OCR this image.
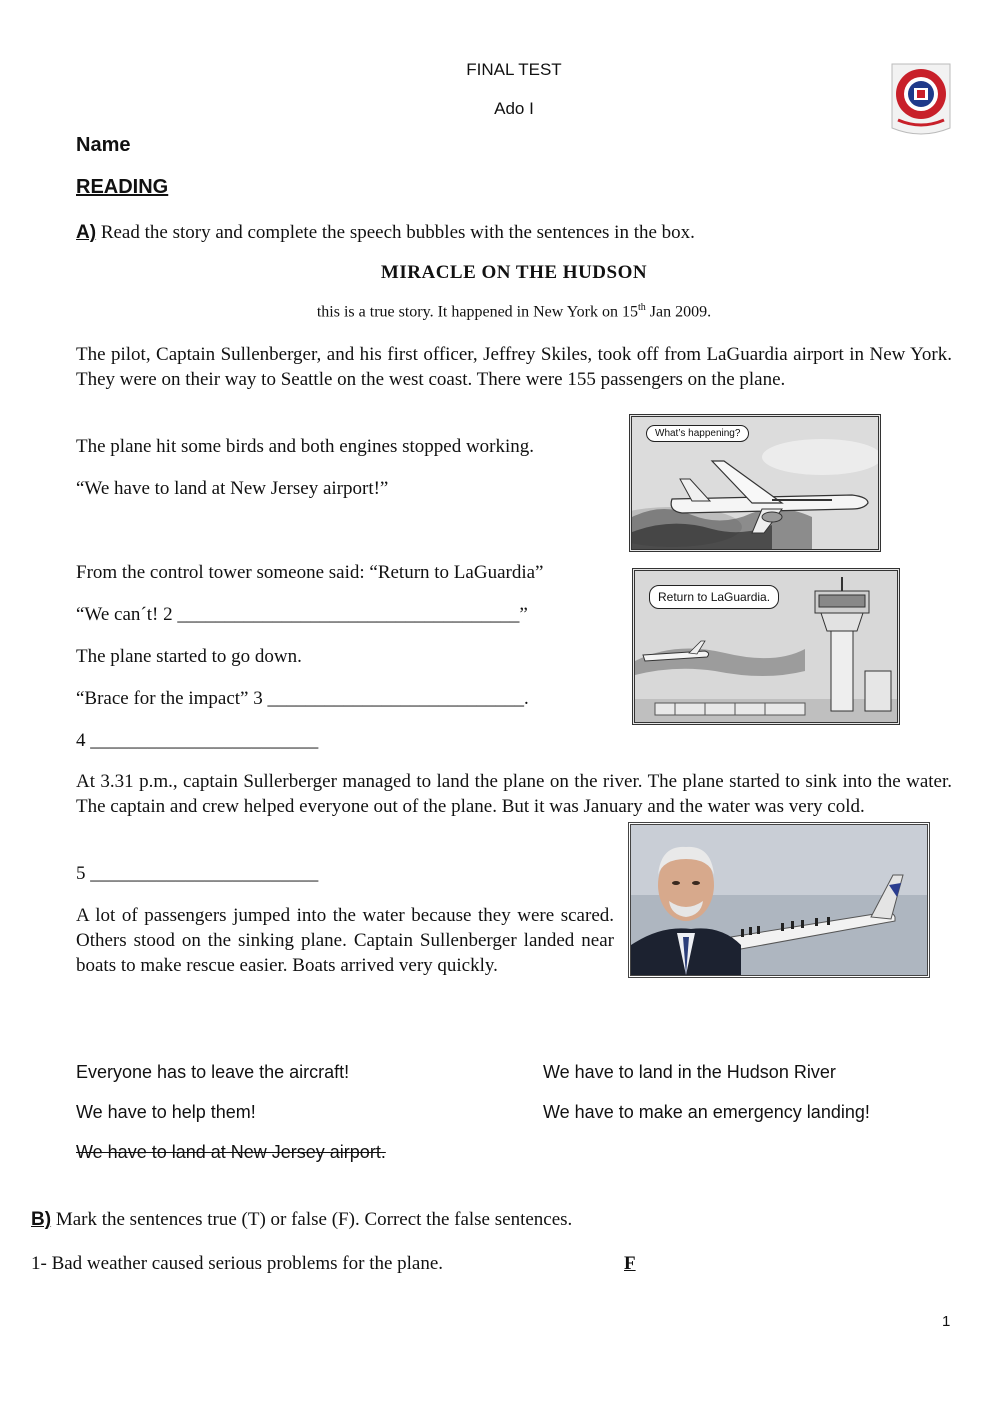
FINAL TEST
Ado I
Name
READING
A) Read the story and complete the speech bubbles with the sentences in the box.
MIRACLE ON THE HUDSON
this is a true story. It happened in New York on 15th Jan 2009.
The pilot, Captain Sullenberger, and his first officer, Jeffrey Skiles, took off from LaGuardia airport in New York. They were on their way to Seattle on the west coast. There were 155 passengers on the plane.
The plane hit some birds and both engines stopped working.
“We have to land at New Jersey airport!”
What’s happening?
From the control tower someone said: “Return to LaGuardia”
“We can´t! 2 ____________________________________”
The plane started to go down.
“Brace for the impact” 3 ___________________________.
4 ________________________
Return to LaGuardia.
At 3.31 p.m., captain Sullerberger managed to land the plane on the river. The plane started to sink into the water. The captain and crew helped everyone out of the plane. But it was January and the water was very cold.
5 ________________________
A lot of passengers jumped into the water because they were scared. Others stood on the sinking plane. Captain Sullenberger landed near boats to make rescue easier. Boats arrived very quickly.
Everyone has to leave the aircraft!	We have to land in the Hudson River
We have to help them!	We have to make an emergency landing!
We have to land at New Jersey airport.
B) Mark the sentences true (T) or false (F). Correct the false sentences.
1- Bad weather caused serious problems for the plane.	F
1
